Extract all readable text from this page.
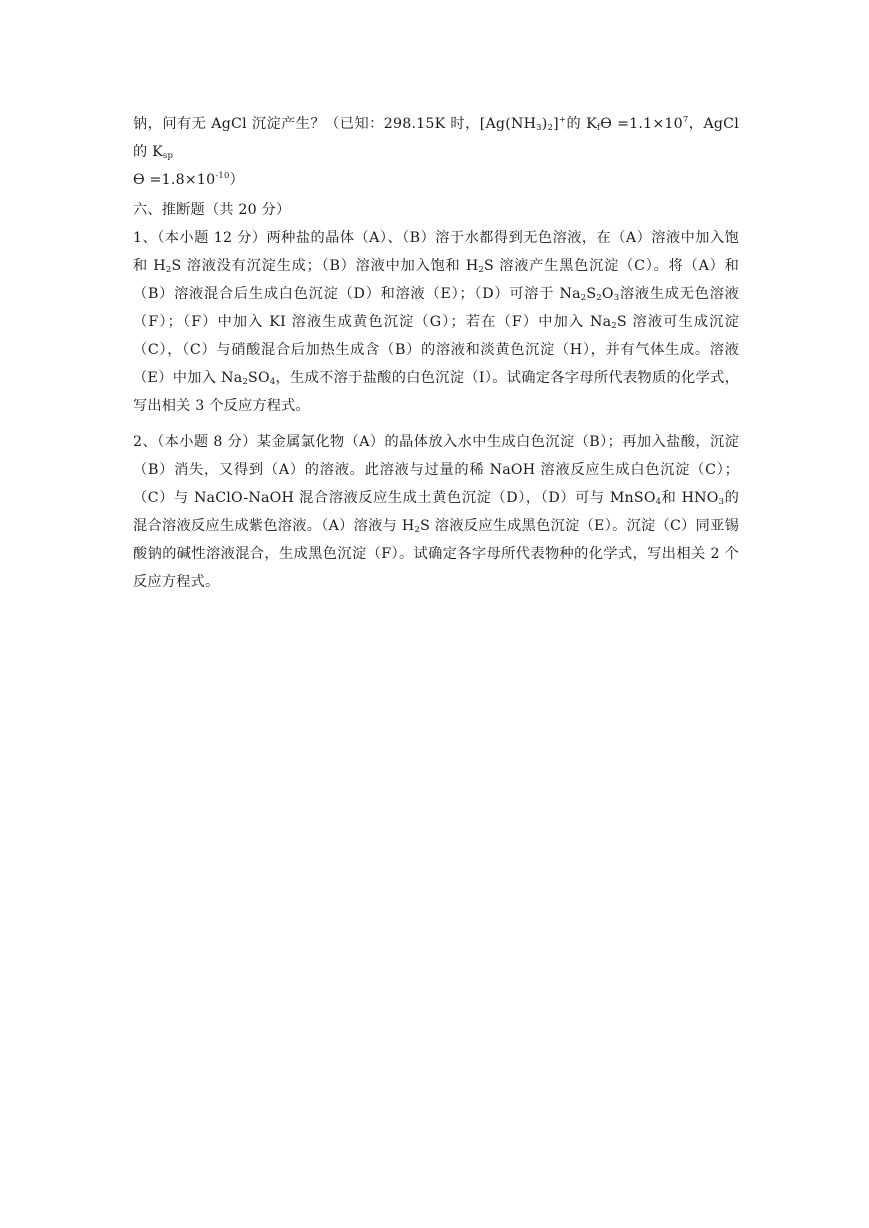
钠，问有无 AgCl 沉淀产生？（已知：298.15K 时，$[Ag(NH_3)_2]^+$的 $K_fϴ =1.1\times 10^7$，AgCl 的 $K_{sp}$
$ϴ =1.8\times 10^{-10}$）

六、推断题（共 20 分）

1、（本小题 12 分）两种盐的晶体（A）、（B）溶于水都得到无色溶液，在（A）溶液中加入饱和 $H_2S$ 溶液没有沉淀生成；（B）溶液中加入饱和 $H_2S$ 溶液产生黑色沉淀（C）。将（A）和（B）溶液混合后生成白色沉淀（D）和溶液（E）；（D）可溶于 $Na_2S_2O_3$溶液生成无色溶液（F）；（F）中加入 KI 溶液生成黄色沉淀（G）；若在（F）中加入 $Na_2S$ 溶液可生成沉淀（C），（C）与硝酸混合后加热生成含（B）的溶液和淡黄色沉淀（H），并有气体生成。溶液（E）中加入 $Na_2SO_4$，生成不溶于盐酸的白色沉淀（I）。试确定各字母所代表物质的化学式，写出相关 3 个反应方程式。

2、（本小题 8 分）某金属氯化物（A）的晶体放入水中生成白色沉淀（B）；再加入盐酸，沉淀（B）消失，又得到（A）的溶液。此溶液与过量的稀 NaOH 溶液反应生成白色沉淀（C）；（C）与 NaClO-NaOH 混合溶液反应生成土黄色沉淀（D），（D）可与 MnSO$_4$和 $HNO_3$的混合溶液反应生成紫色溶液。（A）溶液与 $H_2S$ 溶液反应生成黑色沉淀（E）。沉淀（C）同亚锡酸钠的碱性溶液混合，生成黑色沉淀（F）。试确定各字母所代表物种的化学式，写出相关 2 个反应方程式。
